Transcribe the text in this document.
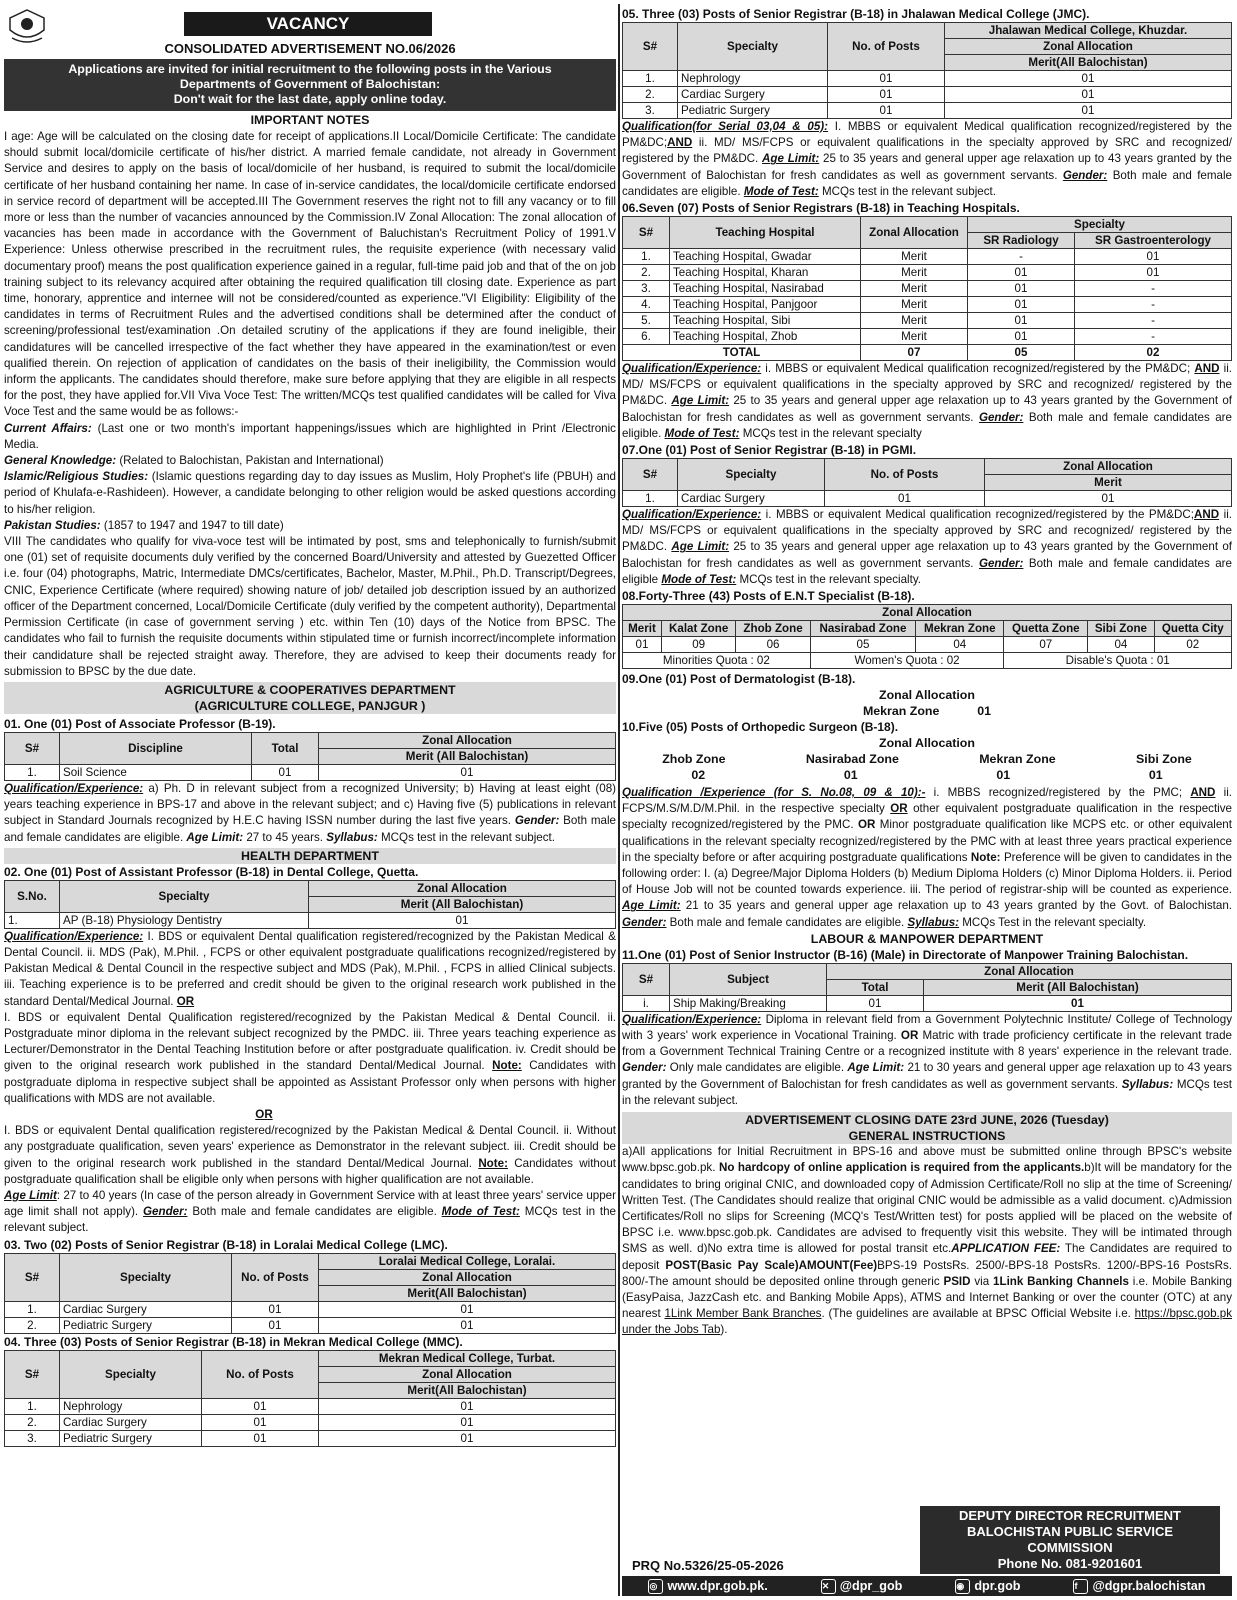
VACANCY
CONSOLIDATED ADVERTISEMENT NO.06/2026
Applications are invited for initial recruitment to the following posts in the Various
Departments of Government of Balochistan:
Don't wait for the last date, apply online today.
IMPORTANT NOTES

I age: Age will be calculated on the closing date for receipt of applications.II Local/Domicile Certificate: The candidate should submit local/domicile certificate of his/her district. A married female candidate, not already in Government Service and desires to apply on the basis of local/domicile of her husband, is required to submit the local/domicile certificate of her husband containing her name. In case of in-service candidates, the local/domicile certificate endorsed in service record of department will be accepted.III The Government reserves the right not to fill any vacancy or to fill more or less than the number of vacancies announced by the Commission.IV Zonal Allocation: The zonal allocation of vacancies has been made in accordance with the Government of Baluchistan's Recruitment Policy of 1991.V Experience: Unless otherwise prescribed in the recruitment rules, the requisite experience (with necessary valid documentary proof) means the post qualification experience gained in a regular, full-time paid job and that of the on job training subject to its relevancy acquired after obtaining the required qualification till closing date. Experience as part time, honorary, apprentice and internee will not be considered/counted as experience."VI Eligibility: Eligibility of the candidates in terms of Recruitment Rules and the advertised conditions shall be determined after the conduct of screening/professional test/examination .On detailed scrutiny of the applications if they are found ineligible, their candidatures will be cancelled irrespective of the fact whether they have appeared in the examination/test or even qualified therein. On rejection of application of candidates on the basis of their ineligibility, the Commission would inform the applicants. The candidates should therefore, make sure before applying that they are eligible in all respects for the post, they have applied for.VII Viva Voce Test: The written/MCQs test qualified candidates will be called for Viva Voce Test and the same would be as follows:-

Current Affairs: (Last one or two month's important happenings/issues which are highlighted in Print /Electronic Media.

General Knowledge: (Related to Balochistan, Pakistan and International)

Islamic/Religious Studies: (Islamic questions regarding day to day issues as Muslim, Holy Prophet's life (PBUH) and period of Khulafa-e-Rashideen). However, a candidate belonging to other religion would be asked questions according to his/her religion.

Pakistan Studies: (1857 to 1947 and 1947 to till date)

VIII The candidates who qualify for viva-voce test will be intimated by post, sms and telephonically to furnish/submit one (01) set of requisite documents duly verified by the concerned Board/University and attested by Guezetted Officer i.e. four (04) photographs, Matric, Intermediate DMCs/certificates, Bachelor, Master, M.Phil., Ph.D. Transcript/Degrees, CNIC, Experience Certificate (where required) showing nature of job/ detailed job description issued by an authorized officer of the Department concerned, Local/Domicile Certificate (duly verified by the competent authority), Departmental Permission Certificate (in case of government serving ) etc. within Ten (10) days of the Notice from BPSC. The candidates who fail to furnish the requisite documents within stipulated time or furnish incorrect/incomplete information their candidature shall be rejected straight away. Therefore, they are advised to keep their documents ready for submission to BPSC by the due date.

AGRICULTURE & COOPERATIVES DEPARTMENT
(AGRICULTURE COLLEGE, PANJGUR )
01. One (01) Post of Associate Professor (B-19).
S#	Discipline	Total	Zonal Allocation
			Merit (All Balochistan)
1.	Soil Science	01	01

Qualification/Experience: a) Ph. D in relevant subject from a recognized University; b) Having at least eight (08) years teaching experience in BPS-17 and above in the relevant subject; and c) Having five (5) publications in relevant subject in Standard Journals recognized by H.E.C having ISSN number during the last five years. Gender: Both male and female candidates are eligible. Age Limit: 27 to 45 years. Syllabus: MCQs test in the relevant subject.

HEALTH DEPARTMENT
02. One (01) Post of Assistant Professor (B-18) in Dental College, Quetta.
S.No.	Specialty	Zonal Allocation
		Merit (All Balochistan)
1.	AP (B-18) Physiology Dentistry	01

Qualification/Experience: I. BDS or equivalent Dental qualification registered/recognized by the Pakistan Medical & Dental Council. ii. MDS (Pak), M.Phil. , FCPS or other equivalent postgraduate qualifications recognized/registered by Pakistan Medical & Dental Council in the respective subject and MDS (Pak), M.Phil. , FCPS in allied Clinical subjects. iii. Teaching experience is to be preferred and credit should be given to the original research work published in the standard Dental/Medical Journal. OR

I. BDS or equivalent Dental Qualification registered/recognized by the Pakistan Medical & Dental Council. ii. Postgraduate minor diploma in the relevant subject recognized by the PMDC. iii. Three years teaching experience as Lecturer/Demonstrator in the Dental Teaching Institution before or after postgraduate qualification. iv. Credit should be given to the original research work published in the standard Dental/Medical Journal. Note: Candidates with postgraduate diploma in respective subject shall be appointed as Assistant Professor only when persons with higher qualifications with MDS are not available.

OR

I. BDS or equivalent Dental qualification registered/recognized by the Pakistan Medical & Dental Council. ii. Without any postgraduate qualification, seven years' experience as Demonstrator in the relevant subject. iii. Credit should be given to the original research work published in the standard Dental/Medical Journal. Note: Candidates without postgraduate qualification shall be eligible only when persons with higher qualification are not available.

Age Limit: 27 to 40 years (In case of the person already in Government Service with at least three years' service upper age limit shall not apply). Gender: Both male and female candidates are eligible. Mode of Test: MCQs test in the relevant subject.

03. Two (02) Posts of Senior Registrar (B-18) in Loralai Medical College (LMC).
S#	Specialty	No. of Posts	Loralai Medical College, Loralai.
			Zonal Allocation
			Merit(All Balochistan)
1.	Cardiac Surgery	01	01
2.	Pediatric Surgery	01	01
04. Three (03) Posts of Senior Registrar (B-18) in Mekran Medical College (MMC).
S#	Specialty	No. of Posts	Mekran Medical College, Turbat.
			Zonal Allocation
			Merit(All Balochistan)
1.	Nephrology	01	01
2.	Cardiac Surgery	01	01
3.	Pediatric Surgery	01	01
05. Three (03) Posts of Senior Registrar (B-18) in Jhalawan Medical College (JMC).
S#	Specialty	No. of Posts	Jhalawan Medical College, Khuzdar.
			Zonal Allocation
			Merit(All Balochistan)
1.	Nephrology	01	01
2.	Cardiac Surgery	01	01
3.	Pediatric Surgery	01	01

Qualification(for Serial 03,04 & 05): I. MBBS or equivalent Medical qualification recognized/registered by the PM&DC;AND ii. MD/ MS/FCPS or equivalent qualifications in the specialty approved by SRC and recognized/ registered by the PM&DC. Age Limit: 25 to 35 years and general upper age relaxation up to 43 years granted by the Government of Balochistan for fresh candidates as well as government servants. Gender: Both male and female candidates are eligible. Mode of Test: MCQs test in the relevant subject.

06.Seven (07) Posts of Senior Registrars (B-18) in Teaching Hospitals.
S#	Teaching Hospital	Zonal Allocation	Specialty	
			SR Radiology	SR Gastroenterology
1.	Teaching Hospital, Gwadar	Merit	-	01
2.	Teaching Hospital, Kharan	Merit	01	01
3.	Teaching Hospital, Nasirabad	Merit	01	-
4.	Teaching Hospital, Panjgoor	Merit	01	-
5.	Teaching Hospital, Sibi	Merit	01	-
6.	Teaching Hospital, Zhob	Merit	01	-
TOTAL		07	05	02

Qualification/Experience: i. MBBS or equivalent Medical qualification recognized/registered by the PM&DC; AND ii. MD/ MS/FCPS or equivalent qualifications in the specialty approved by SRC and recognized/ registered by the PM&DC. Age Limit: 25 to 35 years and general upper age relaxation up to 43 years granted by the Government of Balochistan for fresh candidates as well as government servants. Gender: Both male and female candidates are eligible. Mode of Test: MCQs test in the relevant specialty

07.One (01) Post of Senior Registrar (B-18) in PGMI.
S#	Specialty	No. of Posts	Zonal Allocation
			Merit
1.	Cardiac Surgery	01	01

Qualification/Experience: i. MBBS or equivalent Medical qualification recognized/registered by the PM&DC;AND ii. MD/ MS/FCPS or equivalent qualifications in the specialty approved by SRC and recognized/ registered by the PM&DC. Age Limit: 25 to 35 years and general upper age relaxation up to 43 years granted by the Government of Balochistan for fresh candidates as well as government servants. Gender: Both male and female candidates are eligible Mode of Test: MCQs test in the relevant specialty.

08.Forty-Three (43) Posts of E.N.T Specialist (B-18).
Zonal Allocation							
Merit	Kalat Zone	Zhob Zone	Nasirabad Zone	Mekran Zone	Quetta Zone	Sibi Zone	Quetta City
01	09	06	05	04	07	04	02
Minorities Quota : 02			Women's Quota : 02		Disable's Quota : 01		
09.One (01) Post of Dermatologist (B-18).
Zonal Allocation
Mekran Zone	01
10.Five (05) Posts of Orthopedic Surgeon (B-18).
Zonal Allocation
Zhob Zone	Nasirabad Zone	Mekran Zone	Sibi Zone
02	01	01	01

Qualification /Experience (for S. No.08, 09 & 10):- i. MBBS recognized/registered by the PMC; AND ii. FCPS/M.S/M.D/M.Phil. in the respective specialty OR other equivalent postgraduate qualification in the respective specialty recognized/registered by the PMC. OR Minor postgraduate qualification like MCPS etc. or other equivalent qualifications in the relevant specialty recognized/registered by the PMC with at least three years practical experience in the specialty before or after acquiring postgraduate qualifications Note: Preference will be given to candidates in the following order: I. (a) Degree/Major Diploma Holders (b) Medium Diploma Holders (c) Minor Diploma Holders. ii. Period of House Job will not be counted towards experience. iii. The period of registrar-ship will be counted as experience. Age Limit: 21 to 35 years and general upper age relaxation up to 43 years granted by the Govt. of Balochistan. Gender: Both male and female candidates are eligible. Syllabus: MCQs Test in the relevant specialty.

LABOUR & MANPOWER DEPARTMENT
11.One (01) Post of Senior Instructor (B-16) (Male) in Directorate of Manpower Training Balochistan.
S#	Subject	Zonal Allocation	
		Total	Merit (All Balochistan)
i.	Ship Making/Breaking	01	01

Qualification/Experience: Diploma in relevant field from a Government Polytechnic Institute/ College of Technology with 3 years' work experience in Vocational Training. OR Matric with trade proficiency certificate in the relevant trade from a Government Technical Training Centre or a recognized institute with 8 years' experience in the relevant trade. Gender: Only male candidates are eligible. Age Limit: 21 to 30 years and general upper age relaxation up to 43 years granted by the Government of Balochistan for fresh candidates as well as government servants. Syllabus: MCQs test in the relevant subject.

ADVERTISEMENT CLOSING DATE 23rd JUNE, 2026 (Tuesday)
GENERAL INSTRUCTIONS

a)All applications for Initial Recruitment in BPS-16 and above must be submitted online through BPSC's website www.bpsc.gob.pk. No hardcopy of online application is required from the applicants.b)It will be mandatory for the candidates to bring original CNIC, and downloaded copy of Admission Certificate/Roll no slip at the time of Screening/ Written Test. (The Candidates should realize that original CNIC would be admissible as a valid document. c)Admission Certificates/Roll no slips for Screening (MCQ's Test/Written test) for posts applied will be placed on the website of BPSC i.e. www.bpsc.gob.pk. Candidates are advised to frequently visit this website. They will be intimated through SMS as well. d)No extra time is allowed for postal transit etc.APPLICATION FEE: The Candidates are required to deposit POST(Basic Pay Scale)AMOUNT(Fee)BPS-19 PostsRs. 2500/-BPS-18 PostsRs. 1200/-BPS-16 PostsRs. 800/-The amount should be deposited online through generic PSID via 1Link Banking Channels i.e. Mobile Banking (EasyPaisa, JazzCash etc. and Banking Mobile Apps), ATMS and Internet Banking or over the counter (OTC) at any nearest 1Link Member Bank Branches. (The guidelines are available at BPSC Official Website i.e. https://bpsc.gob.pk under the Jobs Tab).

DEPUTY DIRECTOR RECRUITMENT
BALOCHISTAN PUBLIC SERVICE
COMMISSION
Phone No. 081-9201601
PRQ No.5326/25-05-2026
◎ www.dpr.gob.pk.	✕ @dpr_gob	◉ dpr.gob	f	@dgpr.balochistan
